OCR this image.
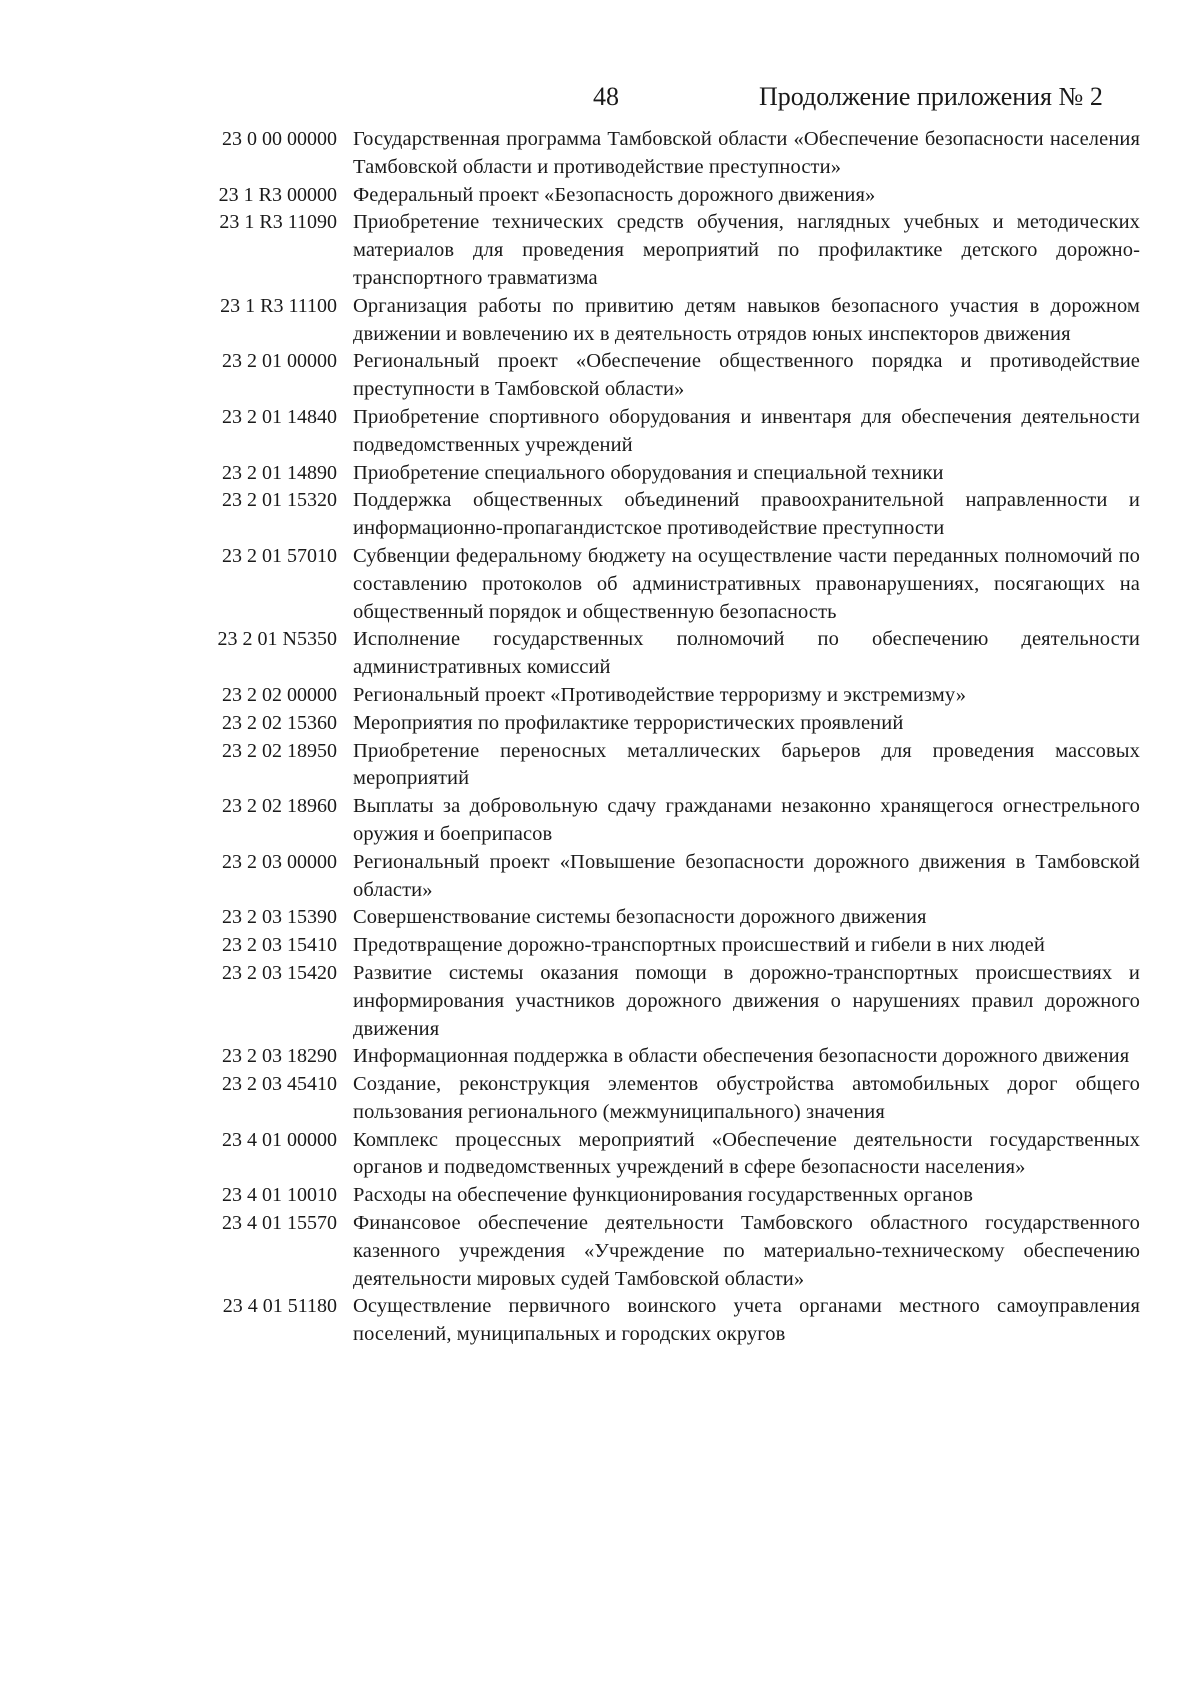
48	Продолжение приложения № 2
23 0 00 00000 Государственная программа Тамбовской области «Обеспечение безопасности населения Тамбовской области и противодействие преступности»
23 1 R3 00000 Федеральный проект «Безопасность дорожного движения»
23 1 R3 11090 Приобретение технических средств обучения, наглядных учебных и методических материалов для проведения мероприятий по профилактике детского дорожно-транспортного травматизма
23 1 R3 11100 Организация работы по привитию детям навыков безопасного участия в дорожном движении и вовлечению их в деятельность отрядов юных инспекторов движения
23 2 01 00000 Региональный проект «Обеспечение общественного порядка и противодействие преступности в Тамбовской области»
23 2 01 14840 Приобретение спортивного оборудования и инвентаря для обеспечения деятельности подведомственных учреждений
23 2 01 14890 Приобретение специального оборудования и специальной техники
23 2 01 15320 Поддержка общественных объединений правоохранительной направленности и информационно-пропагандистское противодействие преступности
23 2 01 57010 Субвенции федеральному бюджету на осуществление части переданных полномочий по составлению протоколов об административных правонарушениях, посягающих на общественный порядок и общественную безопасность
23 2 01 N5350 Исполнение государственных полномочий по обеспечению деятельности административных комиссий
23 2 02 00000 Региональный проект «Противодействие терроризму и экстремизму»
23 2 02 15360 Мероприятия по профилактике террористических проявлений
23 2 02 18950 Приобретение переносных металлических барьеров для проведения массовых мероприятий
23 2 02 18960 Выплаты за добровольную сдачу гражданами незаконно хранящегося огнестрельного оружия и боеприпасов
23 2 03 00000 Региональный проект «Повышение безопасности дорожного движения в Тамбовской области»
23 2 03 15390 Совершенствование системы безопасности дорожного движения
23 2 03 15410 Предотвращение дорожно-транспортных происшествий и гибели в них людей
23 2 03 15420 Развитие системы оказания помощи в дорожно-транспортных происшествиях и информирования участников дорожного движения о нарушениях правил дорожного движения
23 2 03 18290 Информационная поддержка в области обеспечения безопасности дорожного движения
23 2 03 45410 Создание, реконструкция элементов обустройства автомобильных дорог общего пользования регионального (межмуниципального) значения
23 4 01 00000 Комплекс процессных мероприятий «Обеспечение деятельности государственных органов и подведомственных учреждений в сфере безопасности населения»
23 4 01 10010 Расходы на обеспечение функционирования государственных органов
23 4 01 15570 Финансовое обеспечение деятельности Тамбовского областного государственного казенного учреждения «Учреждение по материально-техническому обеспечению деятельности мировых судей Тамбовской области»
23 4 01 51180 Осуществление первичного воинского учета органами местного самоуправления поселений, муниципальных и городских округов
